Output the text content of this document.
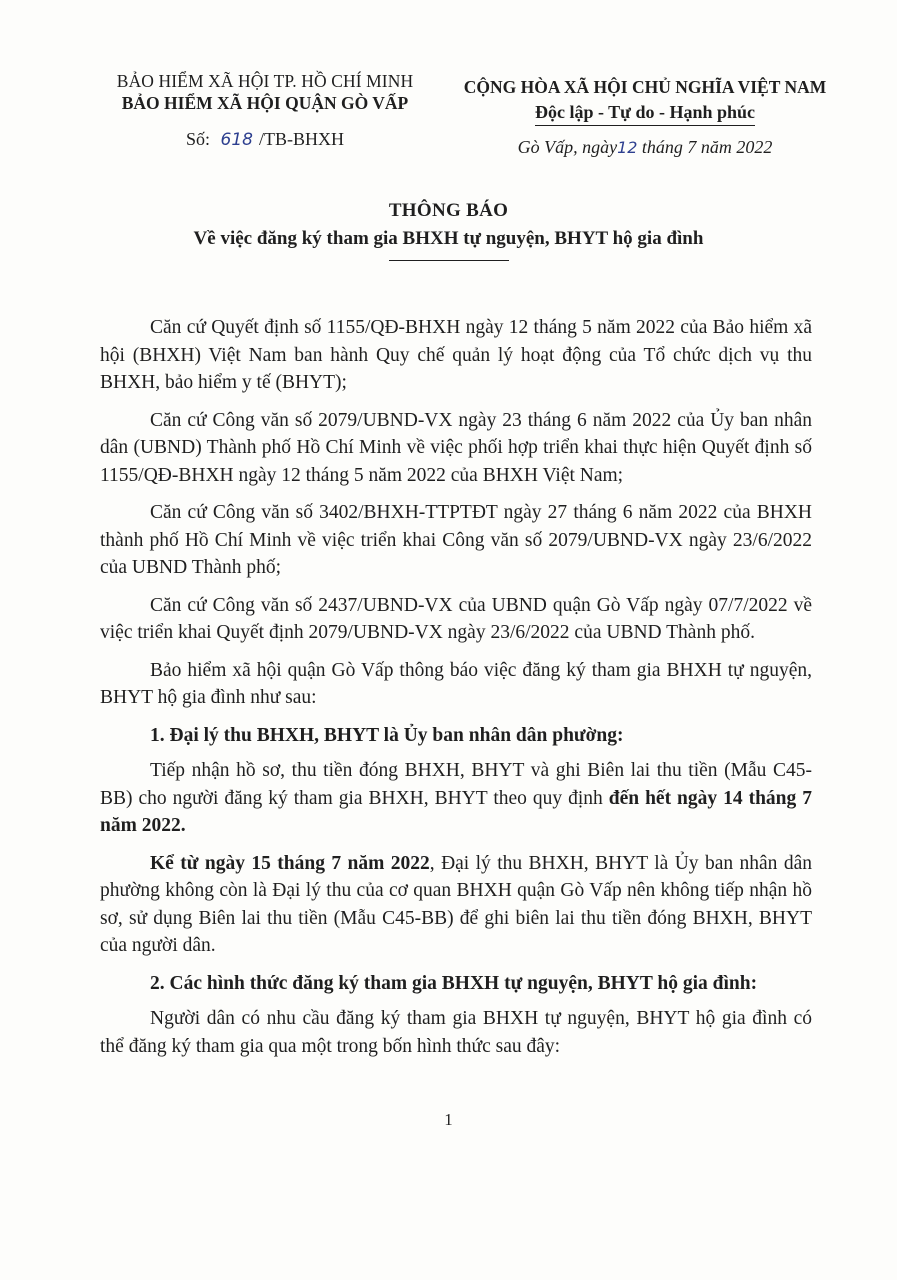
BẢO HIỂM XÃ HỘI TP. HỒ CHÍ MINH
BẢO HIỂM XÃ HỘI QUẬN GÒ VẤP
Số: 618 /TB-BHXH
CỘNG HÒA XÃ HỘI CHỦ NGHĨA VIỆT NAM
Độc lập - Tự do - Hạnh phúc
Gò Vấp, ngày12 tháng 7 năm 2022
THÔNG BÁO
Về việc đăng ký tham gia BHXH tự nguyện, BHYT hộ gia đình

Căn cứ Quyết định số 1155/QĐ-BHXH ngày 12 tháng 5 năm 2022 của Bảo hiểm xã hội (BHXH) Việt Nam ban hành Quy chế quản lý hoạt động của Tổ chức dịch vụ thu BHXH, bảo hiểm y tế (BHYT);

Căn cứ Công văn số 2079/UBND-VX ngày 23 tháng 6 năm 2022 của Ủy ban nhân dân (UBND) Thành phố Hồ Chí Minh về việc phối hợp triển khai thực hiện Quyết định số 1155/QĐ-BHXH ngày 12 tháng 5 năm 2022 của BHXH Việt Nam;

Căn cứ Công văn số 3402/BHXH-TTPTĐT ngày 27 tháng 6 năm 2022 của BHXH thành phố Hồ Chí Minh về việc triển khai Công văn số 2079/UBND-VX ngày 23/6/2022 của UBND Thành phố;

Căn cứ Công văn số 2437/UBND-VX của UBND quận Gò Vấp ngày 07/7/2022 về việc triển khai Quyết định 2079/UBND-VX ngày 23/6/2022 của UBND Thành phố.

Bảo hiểm xã hội quận Gò Vấp thông báo việc đăng ký tham gia BHXH tự nguyện, BHYT hộ gia đình như sau:

1. Đại lý thu BHXH, BHYT là Ủy ban nhân dân phường:

Tiếp nhận hồ sơ, thu tiền đóng BHXH, BHYT và ghi Biên lai thu tiền (Mẫu C45-BB) cho người đăng ký tham gia BHXH, BHYT theo quy định đến hết ngày 14 tháng 7 năm 2022.

Kể từ ngày 15 tháng 7 năm 2022, Đại lý thu BHXH, BHYT là Ủy ban nhân dân phường không còn là Đại lý thu của cơ quan BHXH quận Gò Vấp nên không tiếp nhận hồ sơ, sử dụng Biên lai thu tiền (Mẫu C45-BB) để ghi biên lai thu tiền đóng BHXH, BHYT của người dân.

2. Các hình thức đăng ký tham gia BHXH tự nguyện, BHYT hộ gia đình:

Người dân có nhu cầu đăng ký tham gia BHXH tự nguyện, BHYT hộ gia đình có thể đăng ký tham gia qua một trong bốn hình thức sau đây:

1
